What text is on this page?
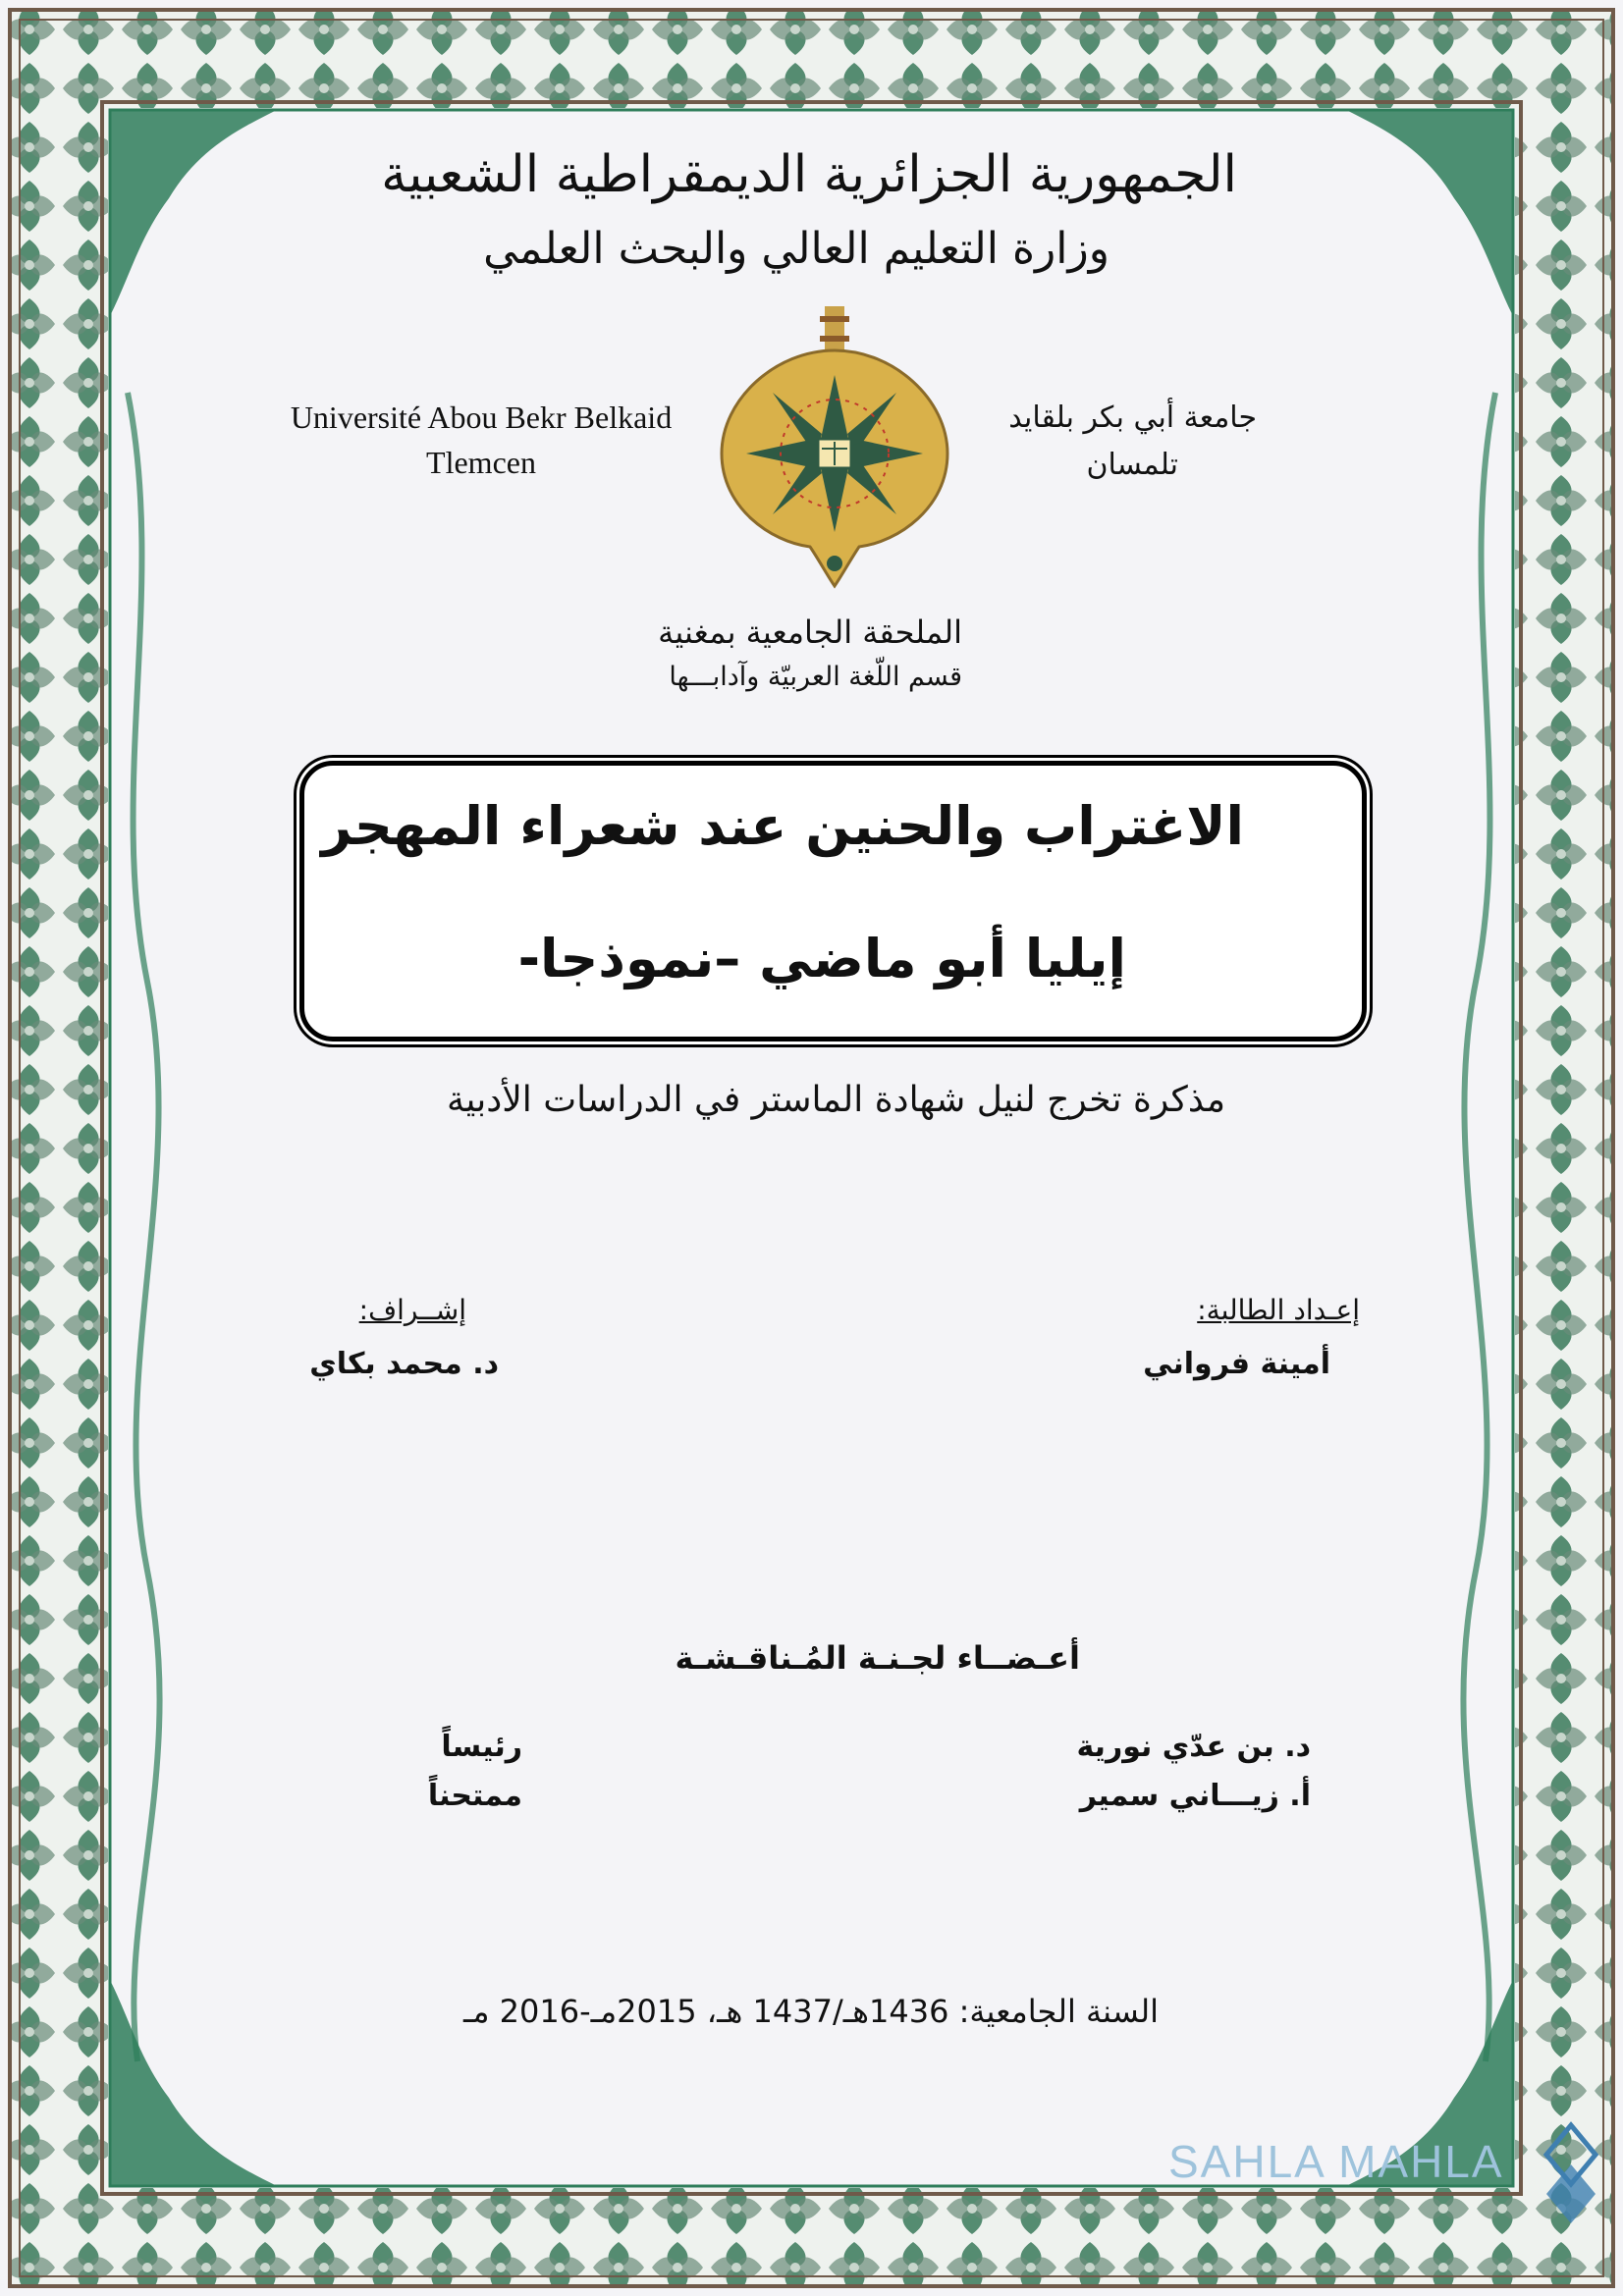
الجمهورية الجزائرية الديمقراطية الشعبية
وزارة التعليم العالي والبحث العلمي
Université Abou Bekr Belkaid
Tlemcen
جامعة أبي بكر بلقايد
تلمسان
الملحقة الجامعية بمغنية
قسم اللّغة العربيّة وآدابـــها
الاغتراب والحنين عند شعراء المهجر
إيليا أبو ماضي –نموذجا-
مذكرة تخرج لنيل شهادة الماستر في الدراسات الأدبية
إعـداد الطالبة:
أمينة فرواني
إشــراف:
د. محمد بكاي
أعـضــاء لجـنـة المُـناقـشـة
د. بن عدّي نورية
رئيساً
أ. زيـــاني سمير
ممتحناً
السنة الجامعية: 1436هـ/1437 هـ، 2015مـ-2016 مـ
SAHLA MAHLA
